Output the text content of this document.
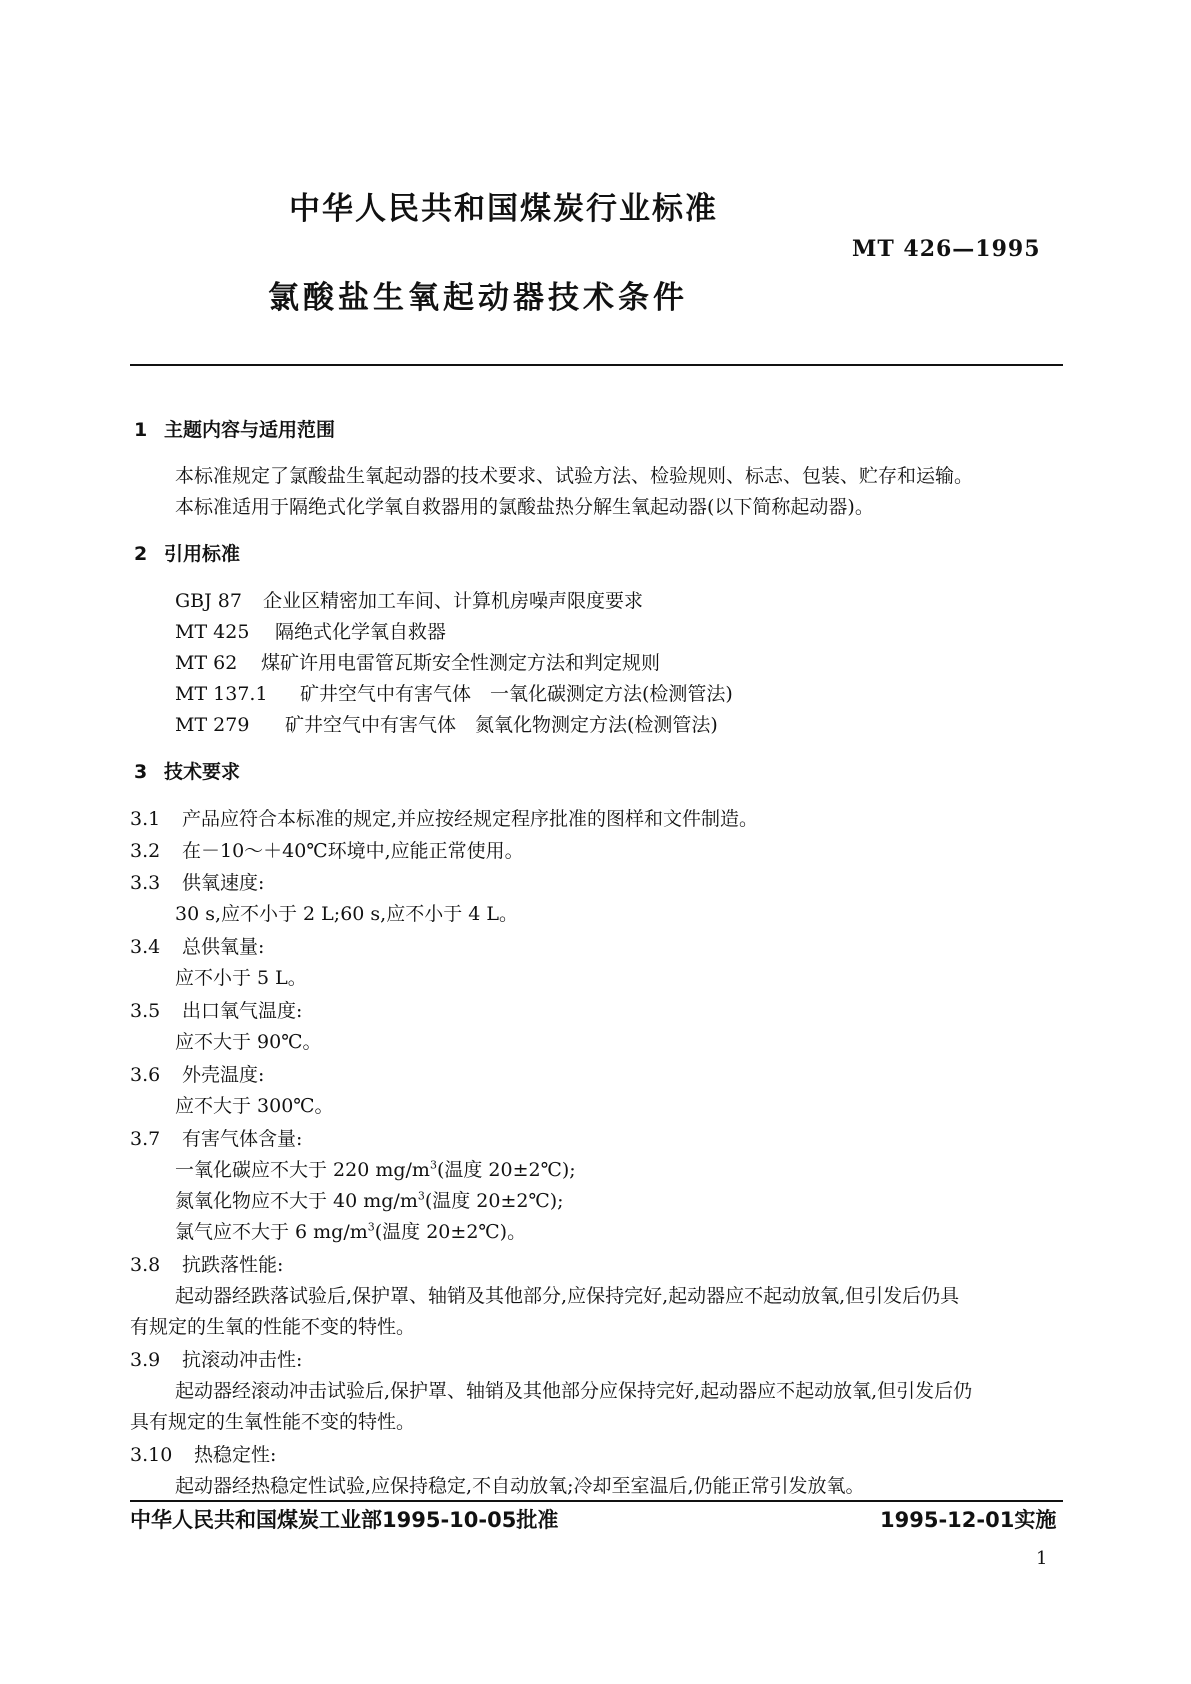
中华人民共和国煤炭行业标准
MT 426—1995
氯酸盐生氧起动器技术条件
1 主题内容与适用范围
本标准规定了氯酸盐生氧起动器的技术要求、试验方法、检验规则、标志、包装、贮存和运输。
本标准适用于隔绝式化学氧自救器用的氯酸盐热分解生氧起动器(以下简称起动器)。
2 引用标准
GBJ 87 企业区精密加工车间、计算机房噪声限度要求
MT 425 隔绝式化学氧自救器
MT 62 煤矿许用电雷管瓦斯安全性测定方法和判定规则
MT 137.1 矿井空气中有害气体　一氧化碳测定方法(检测管法)
MT 279 矿井空气中有害气体　氮氧化物测定方法(检测管法)
3 技术要求
3.1 产品应符合本标准的规定,并应按经规定程序批准的图样和文件制造。
3.2 在－10～＋40℃环境中,应能正常使用。
3.3 供氧速度:
30 s,应不小于 2 L;60 s,应不小于 4 L。
3.4 总供氧量:
应不小于 5 L。
3.5 出口氧气温度:
应不大于 90℃。
3.6 外壳温度:
应不大于 300℃。
3.7 有害气体含量:
一氧化碳应不大于 220 $mg/m^3$(温度 20±2℃);
氮氧化物应不大于 40 $mg/m^3$(温度 20±2℃);
氯气应不大于 6 $mg/m^3$(温度 20±2℃)。
3.8 抗跌落性能:
起动器经跌落试验后,保护罩、轴销及其他部分,应保持完好,起动器应不起动放氧,但引发后仍具
有规定的生氧的性能不变的特性。
3.9 抗滚动冲击性:
起动器经滚动冲击试验后,保护罩、轴销及其他部分应保持完好,起动器应不起动放氧,但引发后仍
具有规定的生氧性能不变的特性。
3.10 热稳定性:
起动器经热稳定性试验,应保持稳定,不自动放氧;冷却至室温后,仍能正常引发放氧。
中华人民共和国煤炭工业部1995-10-05批准	1995-12-01实施
1
